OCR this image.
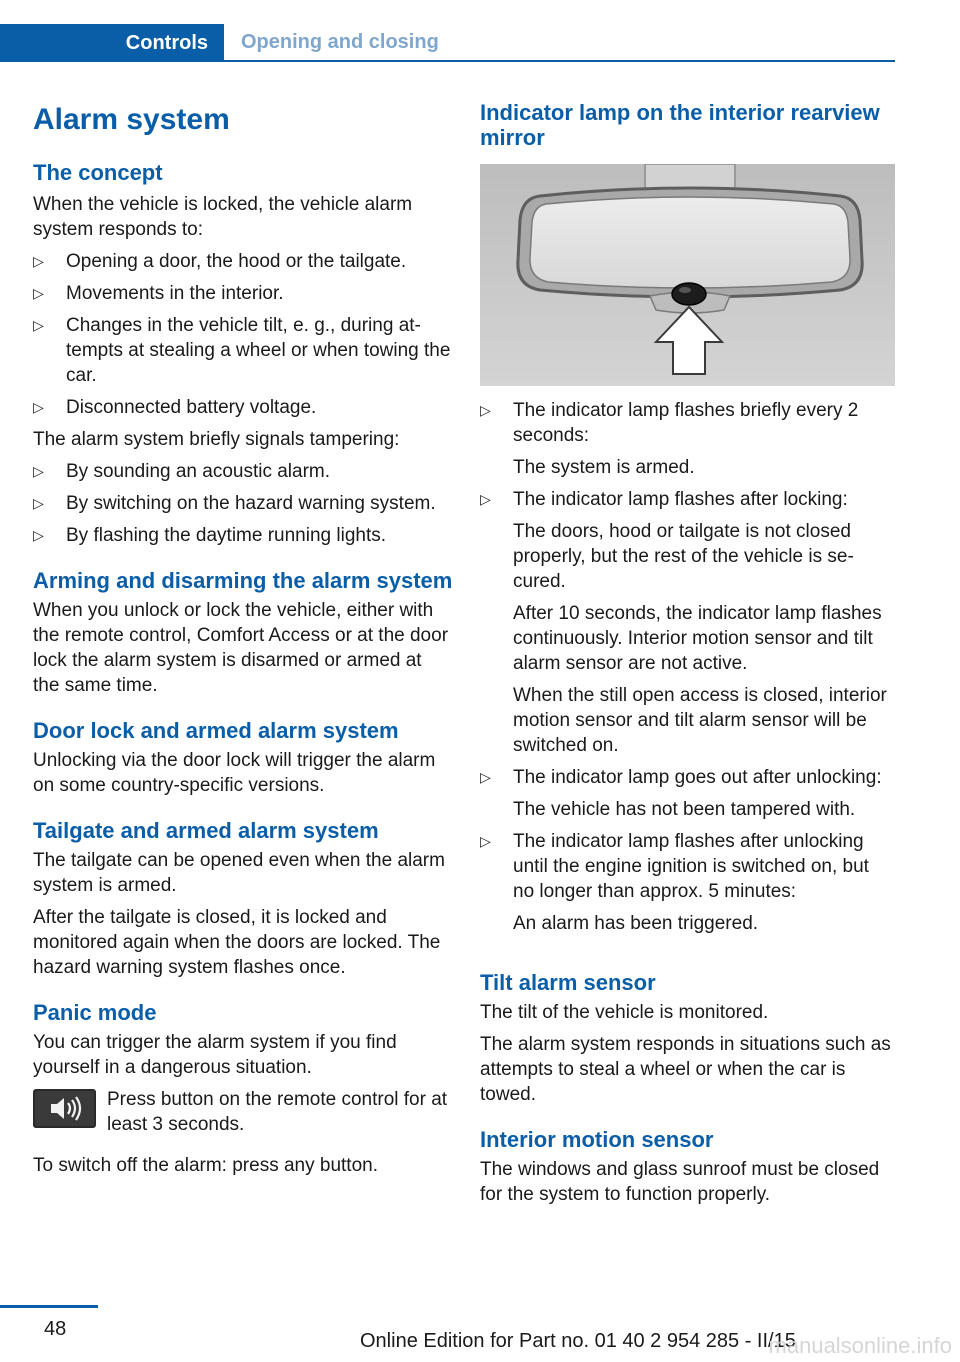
Controls	Opening and closing
Alarm system
The concept

When the vehicle is locked, the vehicle alarm system responds to:

▷ Opening a door, the hood or the tailgate.
▷ Movements in the interior.
▷ Changes in the vehicle tilt, e. g., during attempts at stealing a wheel or when towing the car.
▷ Disconnected battery voltage.

The alarm system briefly signals tampering:

▷ By sounding an acoustic alarm.
▷ By switching on the hazard warning system.
▷ By flashing the daytime running lights.
Arming and disarming the alarm system

When you unlock or lock the vehicle, either with the remote control, Comfort Access or at the door lock the alarm system is disarmed or armed at the same time.

Door lock and armed alarm system

Unlocking via the door lock will trigger the alarm on some country-specific versions.

Tailgate and armed alarm system

The tailgate can be opened even when the alarm system is armed.

After the tailgate is closed, it is locked and monitored again when the doors are locked. The hazard warning system flashes once.

Panic mode

You can trigger the alarm system if you find yourself in a dangerous situation.

Press button on the remote control for at least 3 seconds.

To switch off the alarm: press any button.

Indicator lamp on the interior rearview mirror
▷ The indicator lamp flashes briefly every 2 seconds:

The system is armed.

▷ The indicator lamp flashes after locking:

The doors, hood or tailgate is not closed properly, but the rest of the vehicle is secured.

After 10 seconds, the indicator lamp flashes continuously. Interior motion sensor and tilt alarm sensor are not active.

When the still open access is closed, interior motion sensor and tilt alarm sensor will be switched on.

▷ The indicator lamp goes out after unlocking:

The vehicle has not been tampered with.

▷ The indicator lamp flashes after unlocking until the engine ignition is switched on, but no longer than approx. 5 minutes:

An alarm has been triggered.

Tilt alarm sensor

The tilt of the vehicle is monitored.

The alarm system responds in situations such as attempts to steal a wheel or when the car is towed.

Interior motion sensor

The windows and glass sunroof must be closed for the system to function properly.

48
Online Edition for Part no. 01 40 2 954 285 - II/15
manualsonline.info
